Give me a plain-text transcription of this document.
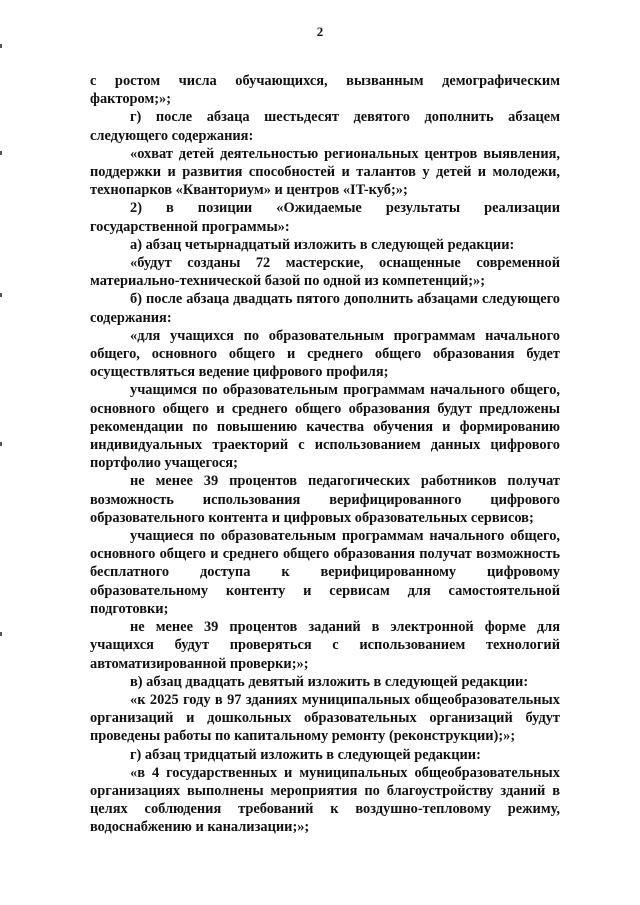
2

с ростом числа обучающихся, вызванным демографическим фактором;»;

г) после абзаца шестьдесят девятого дополнить абзацем следующего содержания:

«охват детей деятельностью региональных центров выявления, поддержки и развития способностей и талантов у детей и молодежи, технопарков «Кванториум» и центров «IT-куб;»;

2) в позиции «Ожидаемые результаты реализации государственной программы»:

а) абзац четырнадцатый изложить в следующей редакции:

«будут созданы 72 мастерские, оснащенные современной материально-технической базой по одной из компетенций;»;

б) после абзаца двадцать пятого дополнить абзацами следующего содержания:

«для учащихся по образовательным программам начального общего, основного общего и среднего общего образования будет осуществляться ведение цифрового профиля;

учащимся по образовательным программам начального общего, основного общего и среднего общего образования будут предложены рекомендации по повышению качества обучения и формированию индивидуальных траекторий с использованием данных цифрового портфолио учащегося;

не менее 39 процентов педагогических работников получат возможность использования верифицированного цифрового образовательного контента и цифровых образовательных сервисов;

учащиеся по образовательным программам начального общего, основного общего и среднего общего образования получат возможность бесплатного доступа к верифицированному цифровому образовательному контенту и сервисам для самостоятельной подготовки;

не менее 39 процентов заданий в электронной форме для учащихся будут проверяться с использованием технологий автоматизированной проверки;»;

в) абзац двадцать девятый изложить в следующей редакции:

«к 2025 году в 97 зданиях муниципальных общеобразовательных организаций и дошкольных образовательных организаций будут проведены работы по капитальному ремонту (реконструкции);»;

г) абзац тридцатый изложить в следующей редакции:

«в 4 государственных и муниципальных общеобразовательных организациях выполнены мероприятия по благоустройству зданий в целях соблюдения требований к воздушно-тепловому режиму, водоснабжению и канализации;»;
